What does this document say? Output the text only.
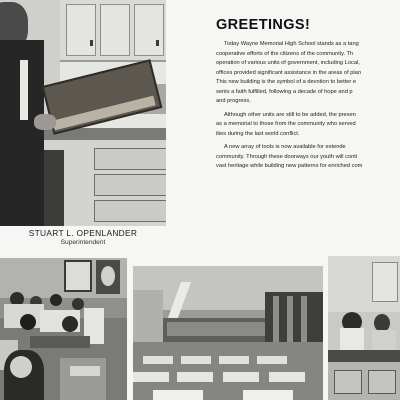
STUART L. OPENLANDER
Superintendent
GREETINGS!
Today Wayne Memorial High School stands as a tang
cooperative efforts of the citizens of the community. Th
operation of various units of government, including Local,
offices provided significant assistance in the areas of plan
This new building is the symbol of a devotion to better e
sents a faith fulfilled, following a decade of hope and p
and progress.
Although other units are still to be added, the presen
as a memorial to those from the community who served
ities during the last world conflict.
A new array of tools is now available for extende
community. Through these doorways our youth will conti
vast heritage while building new patterns for enriched com
